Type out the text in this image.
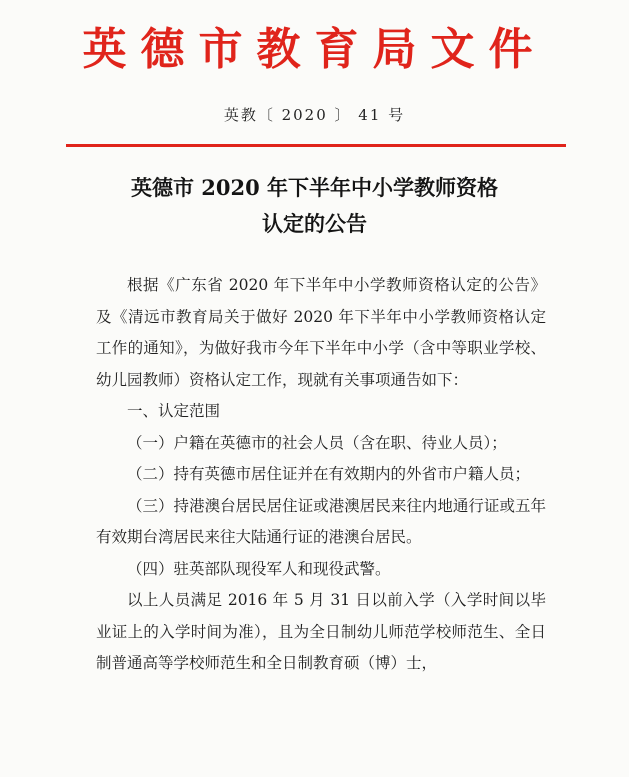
英德市教育局文件
英教〔 2020 〕 41 号
英德市 2020 年下半年中小学教师资格
认定的公告

根据《广东省 2020 年下半年中小学教师资格认定的公告》及《清远市教育局关于做好 2020 年下半年中小学教师资格认定工作的通知》，为做好我市今年下半年中小学（含中等职业学校、幼儿园教师）资格认定工作，现就有关事项通告如下：

一、认定范围

（一）户籍在英德市的社会人员（含在职、待业人员）；

（二）持有英德市居住证并在有效期内的外省市户籍人员；

（三）持港澳台居民居住证或港澳居民来往内地通行证或五年有效期台湾居民来往大陆通行证的港澳台居民。

（四）驻英部队现役军人和现役武警。

以上人员满足 2016 年 5 月 31 日以前入学（入学时间以毕业证上的入学时间为准），且为全日制幼儿师范学校师范生、全日制普通高等学校师范生和全日制教育硕（博）士，
